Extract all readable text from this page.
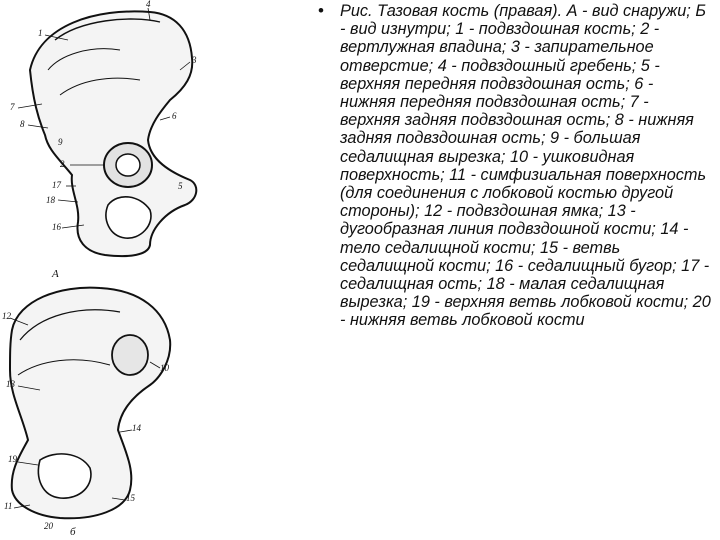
4
1
3
7
8
6
9
2
17
18
16
5
А
12
13
10
14
19
11
15
20 б
• Рис. Тазовая кость (правая). А - вид снаружи; Б - вид изнутри; 1 - подвздошная кость; 2 - вертлужная впадина; 3 - запирательное отверстие; 4 - подвздошный гребень; 5 - верхняя передняя подвздошная ость; 6 - нижняя передняя подвздошная ость; 7 - верхняя задняя подвздошная ость; 8 - нижняя задняя подвздошная ость; 9 - большая седалищная вырезка; 10 - ушковидная поверхность; 11 - симфизиальная поверхность (для соединения с лобковой костью другой стороны); 12 - подвздошная ямка; 13 - дугообразная линия подвздошной кости; 14 - тело седалищной кости; 15 - ветвь седалищной кости; 16 - седалищный бугор; 17 - седалищная ость; 18 - малая седалищная вырезка; 19 - верхняя ветвь лобковой кости; 20 - нижняя ветвь лобковой кости
